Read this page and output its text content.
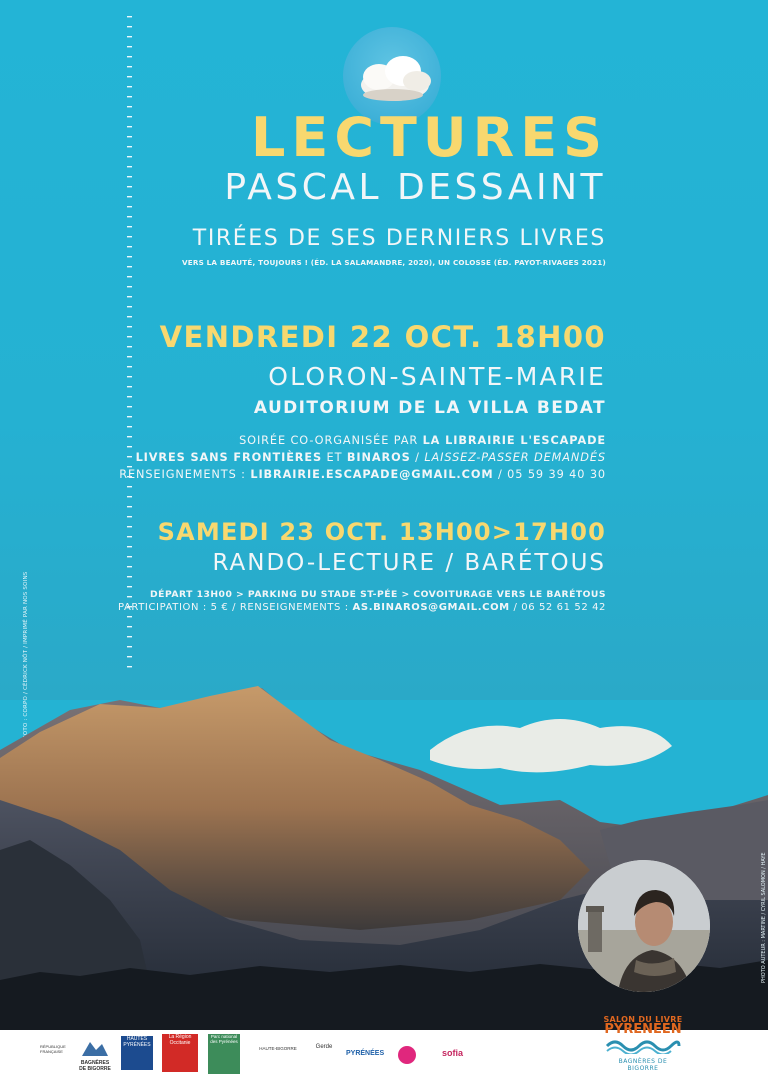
PHOTO : CORPO / CÉDRICK NÔT / IMPRIMÉ PAR NOS SOINS
LECTURES
PASCAL DESSAINT
TIRÉES DE SES DERNIERS LIVRES
VERS LA BEAUTÉ, TOUJOURS ! (ÉD. LA SALAMANDRE, 2020), UN COLOSSE (ÉD. PAYOT-RIVAGES 2021)
VENDREDI 22 OCT. 18H00
OLORON-SAINTE-MARIE
AUDITORIUM DE LA VILLA BEDAT
SOIRÉE CO-ORGANISÉE PAR LA LIBRAIRIE L'ESCAPADE
LIVRES SANS FRONTIÈRES ET BINAROS / LAISSEZ-PASSER DEMANDÉS
RENSEIGNEMENTS : LIBRAIRIE.ESCAPADE@GMAIL.COM / 05 59 39 40 30
SAMEDI 23 OCT. 13H00>17H00
RANDO-LECTURE / BARÉTOUS
DÉPART 13H00 > PARKING DU STADE ST-PÉE > COVOITURAGE VERS LE BARÉTOUS
PARTICIPATION : 5 € / RENSEIGNEMENTS : AS.BINAROS@GMAIL.COM / 06 52 61 52 42
PHOTO AUTEUR : MARTINE / CYRIL SALOMON / HAYE
RÉPUBLIQUE FRANÇAISE
BAGNÈRES DE BIGORRE
HAUTES PYRÉNÉES
La Région Occitanie
Parc national des Pyrénées
HAUTE-BIGORRE	Gerde
PYRÉNÉES	sofia
SALON DU LIVRE
PYRENEEN
BAGNÈRES DE BIGORRE
